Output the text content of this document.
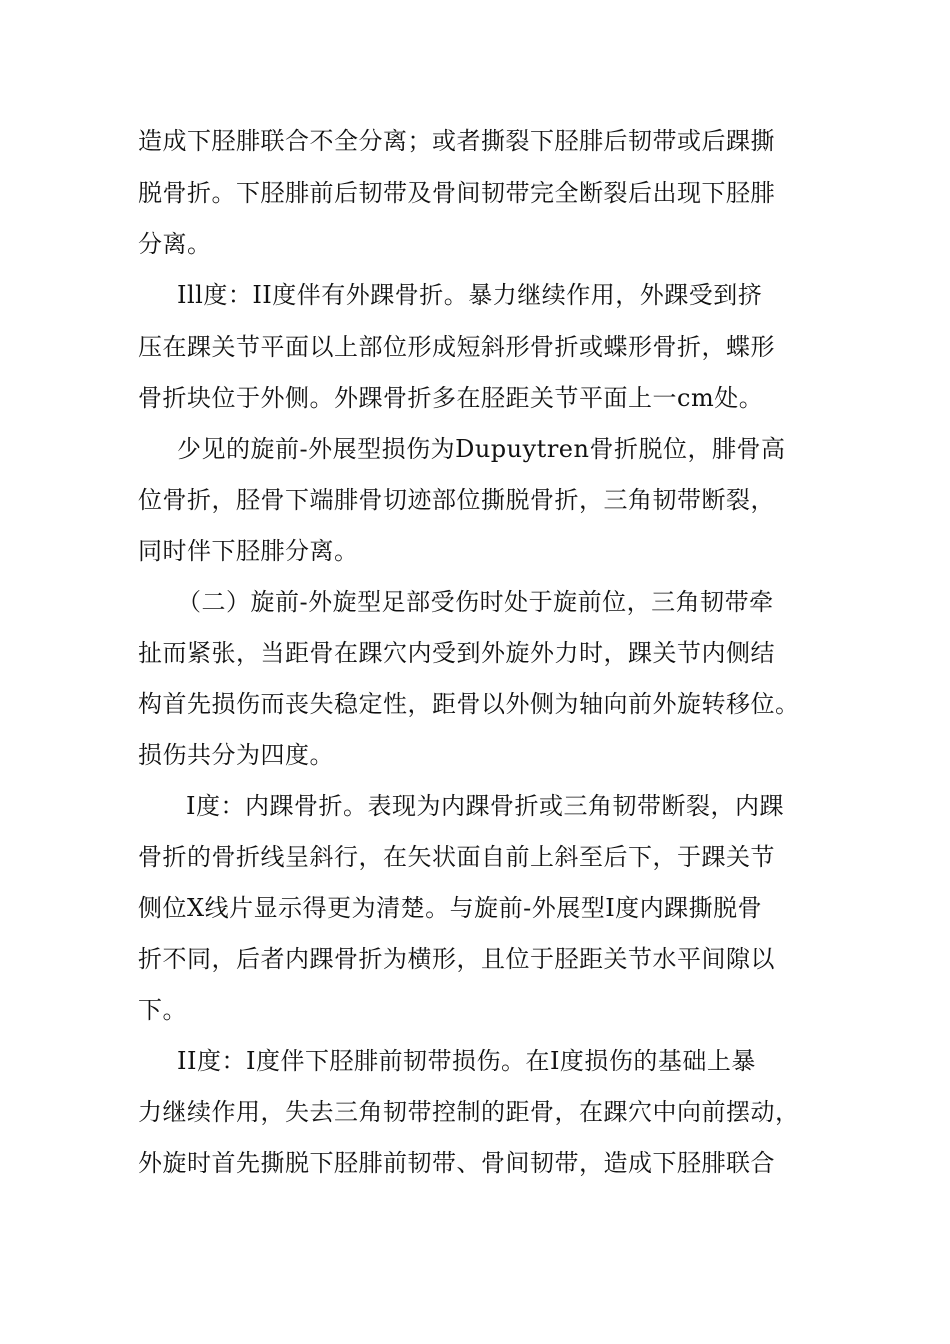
造成下胫腓联合不全分离；或者撕裂下胫腓后韧带或后踝撕
脱骨折。下胫腓前后韧带及骨间韧带完全断裂后出现下胫腓
分离。
Ill度：II度伴有外踝骨折。暴力继续作用，外踝受到挤
压在踝关节平面以上部位形成短斜形骨折或蝶形骨折，蝶形
骨折块位于外侧。外踝骨折多在胫距关节平面上一cm处。
少见的旋前-外展型损伤为Dupuytren骨折脱位，腓骨高
位骨折，胫骨下端腓骨切迹部位撕脱骨折，三角韧带断裂，
同时伴下胫腓分离。
（二）旋前-外旋型足部受伤时处于旋前位，三角韧带牵
扯而紧张，当距骨在踝穴内受到外旋外力时，踝关节内侧结
构首先损伤而丧失稳定性，距骨以外侧为轴向前外旋转移位。
损伤共分为四度。
I度：内踝骨折。表现为内踝骨折或三角韧带断裂，内踝
骨折的骨折线呈斜行，在矢状面自前上斜至后下，于踝关节
侧位X线片显示得更为清楚。与旋前-外展型I度内踝撕脱骨
折不同，后者内踝骨折为横形，且位于胫距关节水平间隙以
下。
II度：I度伴下胫腓前韧带损伤。在I度损伤的基础上暴
力继续作用，失去三角韧带控制的距骨，在踝穴中向前摆动，
外旋时首先撕脱下胫腓前韧带、骨间韧带，造成下胫腓联合
